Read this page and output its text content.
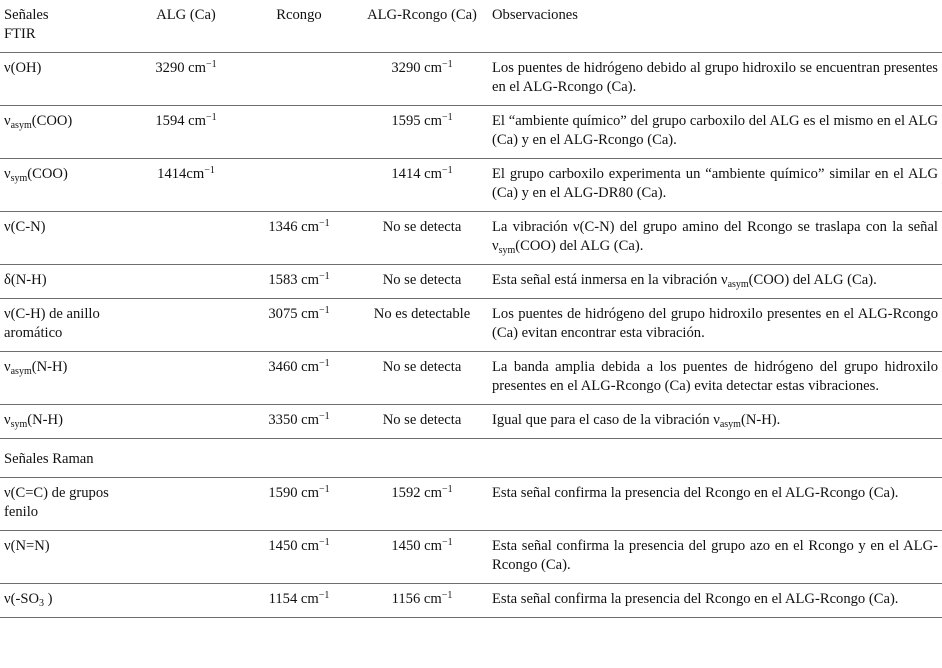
Señales
FTIR	ALG (Ca)	Rcongo	ALG-Rcongo (Ca)	Observaciones
ν(OH)	3290 $cm^{-1}$		3290 $cm^{-1}$	Los puentes de hidrógeno debido al grupo hidroxilo se encuentran presentes en el ALG-Rcongo (Ca).
$\nu_{asym}(COO)$	1594 $cm^{-1}$		1595 $cm^{-1}$	El “ambiente químico” del grupo carboxilo del ALG es el mismo en el ALG (Ca) y en el ALG-Rcongo (Ca).
$\nu_{sym}(COO)$	$1414cm^{-1}$		1414 $cm^{-1}$	El grupo carboxilo experimenta un “ambiente químico” similar en el ALG (Ca) y en el ALG-DR80 (Ca).
ν(C-N)		1346 $cm^{-1}$	No se detecta	La vibración ν(C-N) del grupo amino del Rcongo se traslapa con la señal $\nu_{sym}(COO)$ del ALG (Ca).
δ(N-H)		1583 $cm^{-1}$	No se detecta	Esta señal está inmersa en la vibración $\nu_{asym}(COO)$ del ALG (Ca).
ν(C-H) de anillo aromático		3075 $cm^{-1}$	No es detectable	Los puentes de hidrógeno del grupo hidroxilo presentes en el ALG-Rcongo (Ca) evitan encontrar esta vibración.
$\nu_{asym}(N-H)$		3460 $cm^{-1}$	No se detecta	La banda amplia debida a los puentes de hidrógeno del grupo hidroxilo presentes en el ALG-Rcongo (Ca) evita detectar estas vibraciones.
$\nu_{sym}(N-H)$		3350 $cm^{-1}$	No se detecta	Igual que para el caso de la vibración $\nu_{asym}(N-H)$.
Señales Raman				
ν(C=C) de grupos fenilo		1590 $cm^{-1}$	1592 $cm^{-1}$	Esta señal confirma la presencia del Rcongo en el ALG-Rcongo (Ca).
ν(N=N)		1450 $cm^{-1}$	1450 $cm^{-1}$	Esta señal confirma la presencia del grupo azo en el Rcongo y en el ALG-Rcongo (Ca).
$\nu(-SO_3$ )		1154 $cm^{-1}$	1156 $cm^{-1}$	Esta señal confirma la presencia del Rcongo en el ALG-Rcongo (Ca).
